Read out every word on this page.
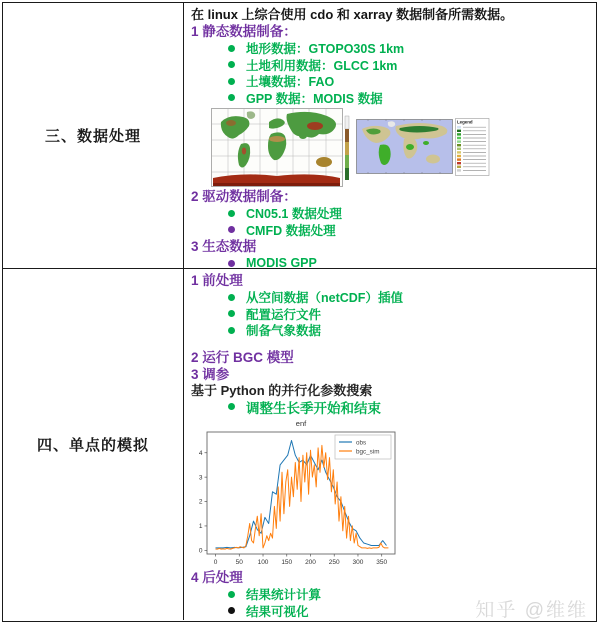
三、数据处理
在 linux 上综合使用 cdo 和 xarray 数据制备所需数据。
1 静态数据制备：
地形数据：GTOPO30S 1km
土地利用数据：GLCC 1km
土壤数据：FAO
GPP 数据：MODIS 数据
Legend
2 驱动数据制备：
CN05.1 数据处理
CMFD 数据处理
3 生态数据
MODIS GPP
四、单点的模拟
1 前处理
从空间数据（netCDF）插值
配置运行文件
制备气象数据
2 运行 BGC 模型
3 调参
基于 Python 的并行化参数搜索
调整生长季开始和结束
enf
0	50 100 150 200 250 300 350
0
1
2
3
4
obs
bgc_sim
4 后处理
结果统计计算
结果可视化	知乎 @维维
